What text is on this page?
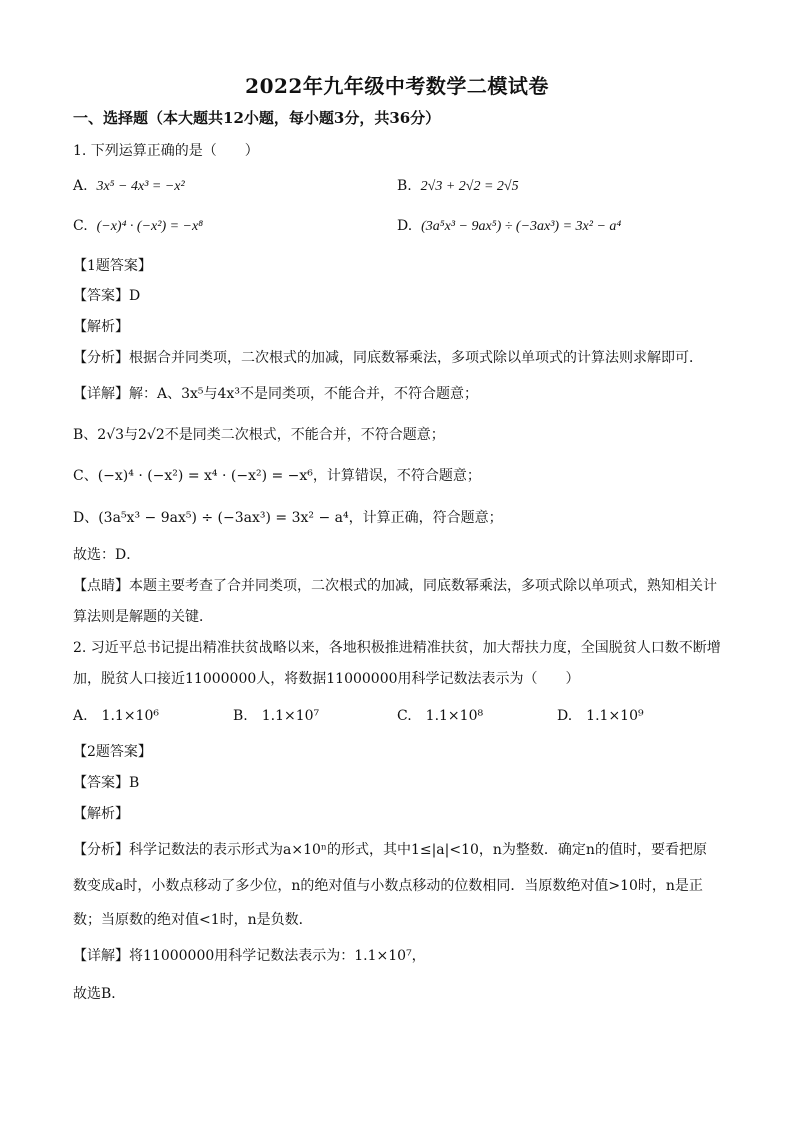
2022年九年级中考数学二模试卷
一、选择题（本大题共12小题，每小题3分，共36分）
1. 下列运算正确的是（　　）
A. 3x⁵ − 4x³ = −x²	B. 2√3 + 2√2 = 2√5
C. (−x)⁴ · (−x²) = −x⁸	D. (3a⁵x³ − 9ax⁵) ÷ (−3ax³) = 3x² − a⁴
【1题答案】
【答案】D
【解析】
【分析】根据合并同类项，二次根式的加减，同底数幂乘法，多项式除以单项式的计算法则求解即可．
【详解】解：A、3x⁵与4x³不是同类项，不能合并，不符合题意；
B、2√3与2√2不是同类二次根式，不能合并，不符合题意；
C、(−x)⁴ · (−x²) = x⁴ · (−x²) = −x⁶，计算错误，不符合题意；
D、(3a⁵x³ − 9ax⁵) ÷ (−3ax³) = 3x² − a⁴，计算正确，符合题意；
故选：D．
【点睛】本题主要考查了合并同类项，二次根式的加减，同底数幂乘法，多项式除以单项式，熟知相关计
算法则是解题的关键．
2. 习近平总书记提出精准扶贫战略以来，各地积极推进精准扶贫，加大帮扶力度，全国脱贫人口数不断增
加，脱贫人口接近11000000人，将数据11000000用科学记数法表示为（　　）
A.　1.1×10⁶	B.　1.1×10⁷	C.　1.1×10⁸	D.　1.1×10⁹
【2题答案】
【答案】B
【解析】
【分析】科学记数法的表示形式为a×10ⁿ的形式，其中1≤|a|<10，n为整数．确定n的值时，要看把原
数变成a时，小数点移动了多少位，n的绝对值与小数点移动的位数相同．当原数绝对值>10时，n是正
数；当原数的绝对值<1时，n是负数．
【详解】将11000000用科学记数法表示为：1.1×10⁷，
故选B．
